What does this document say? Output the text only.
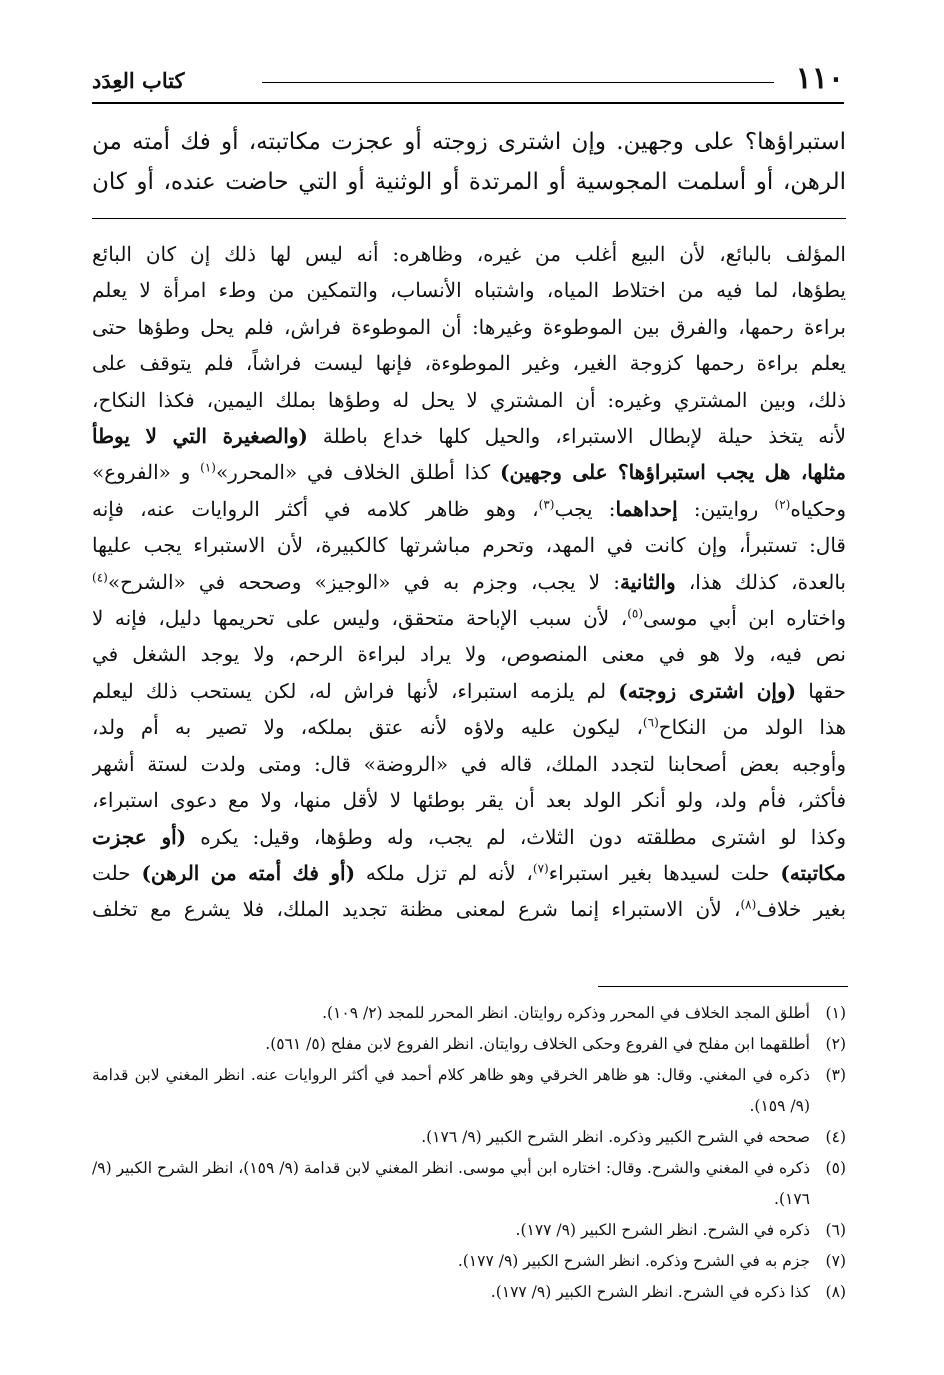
١١٠
كتاب العِدَد
استبراؤها؟ على وجهين. وإن اشترى زوجته أو عجزت مكاتبته، أو فك أمته من
الرهن، أو أسلمت المجوسية أو المرتدة أو الوثنية أو التي حاضت عنده، أو كان
المؤلف بالبائع، لأن البيع أغلب من غيره، وظاهره: أنه ليس لها ذلك إن كان البائع
يطؤها، لما فيه من اختلاط المياه، واشتباه الأنساب، والتمكين من وطء امرأة لا يعلم
براءة رحمها، والفرق بين الموطوءة وغيرها: أن الموطوءة فراش، فلم يحل وطؤها حتى
يعلم براءة رحمها كزوجة الغير، وغير الموطوءة، فإنها ليست فراشاً، فلم يتوقف على
ذلك، وبين المشتري وغيره: أن المشتري لا يحل له وطؤها بملك اليمين، فكذا النكاح،
لأنه يتخذ حيلة لإبطال الاستبراء، والحيل كلها خداع باطلة (والصغيرة التي لا يوطأ
مثلها، هل يجب استبراؤها؟ على وجهين) كذا أطلق الخلاف في «المحرر»$^{(١)}$ و «الفروع»
وحكياه$^{(٢)}$ روايتين: إحداهما: يجب$^{(٣)}$، وهو ظاهر كلامه في أكثر الروايات عنه، فإنه
قال: تستبرأ، وإن كانت في المهد، وتحرم مباشرتها كالكبيرة، لأن الاستبراء يجب عليها
بالعدة، كذلك هذا، والثانية: لا يجب، وجزم به في «الوجيز» وصححه في «الشرح»$^{(٤)}$
واختاره ابن أبي موسى$^{(٥)}$، لأن سبب الإباحة متحقق، وليس على تحريمها دليل، فإنه لا
نص فيه، ولا هو في معنى المنصوص، ولا يراد لبراءة الرحم، ولا يوجد الشغل في
حقها (وإن اشترى زوجته) لم يلزمه استبراء، لأنها فراش له، لكن يستحب ذلك ليعلم
هذا الولد من النكاح$^{(٦)}$، ليكون عليه ولاؤه لأنه عتق بملكه، ولا تصير به أم ولد،
وأوجبه بعض أصحابنا لتجدد الملك، قاله في «الروضة» قال: ومتى ولدت لستة أشهر
فأكثر، فأم ولد، ولو أنكر الولد بعد أن يقر بوطئها لا لأقل منها، ولا مع دعوى استبراء،
وكذا لو اشترى مطلقته دون الثلاث، لم يجب، وله وطؤها، وقيل: يكره (أو عجزت
مكاتبته) حلت لسيدها بغير استبراء$^{(٧)}$، لأنه لم تزل ملكه (أو فك أمته من الرهن) حلت
بغير خلاف$^{(٨)}$، لأن الاستبراء إنما شرع لمعنى مظنة تجديد الملك، فلا يشرع مع تخلف
(١)
أطلق المجد الخلاف في المحرر وذكره روايتان. انظر المحرر للمجد (٢/ ١٠٩).
(٢)
أطلقهما ابن مفلح في الفروع وحكى الخلاف روايتان. انظر الفروع لابن مفلح (٥/ ٥٦١).
(٣)
ذكره في المغني. وقال: هو ظاهر الخرقي وهو ظاهر كلام أحمد في أكثر الروايات عنه. انظر المغني لابن قدامة (٩/ ١٥٩).
(٤)
صححه في الشرح الكبير وذكره. انظر الشرح الكبير (٩/ ١٧٦).
(٥)
ذكره في المغني والشرح. وقال: اختاره ابن أبي موسى. انظر المغني لابن قدامة (٩/ ١٥٩)، انظر الشرح الكبير (٩/ ١٧٦).
(٦)
ذكره في الشرح. انظر الشرح الكبير (٩/ ١٧٧).
(٧)
جزم به في الشرح وذكره. انظر الشرح الكبير (٩/ ١٧٧).
(٨)
كذا ذكره في الشرح. انظر الشرح الكبير (٩/ ١٧٧).
